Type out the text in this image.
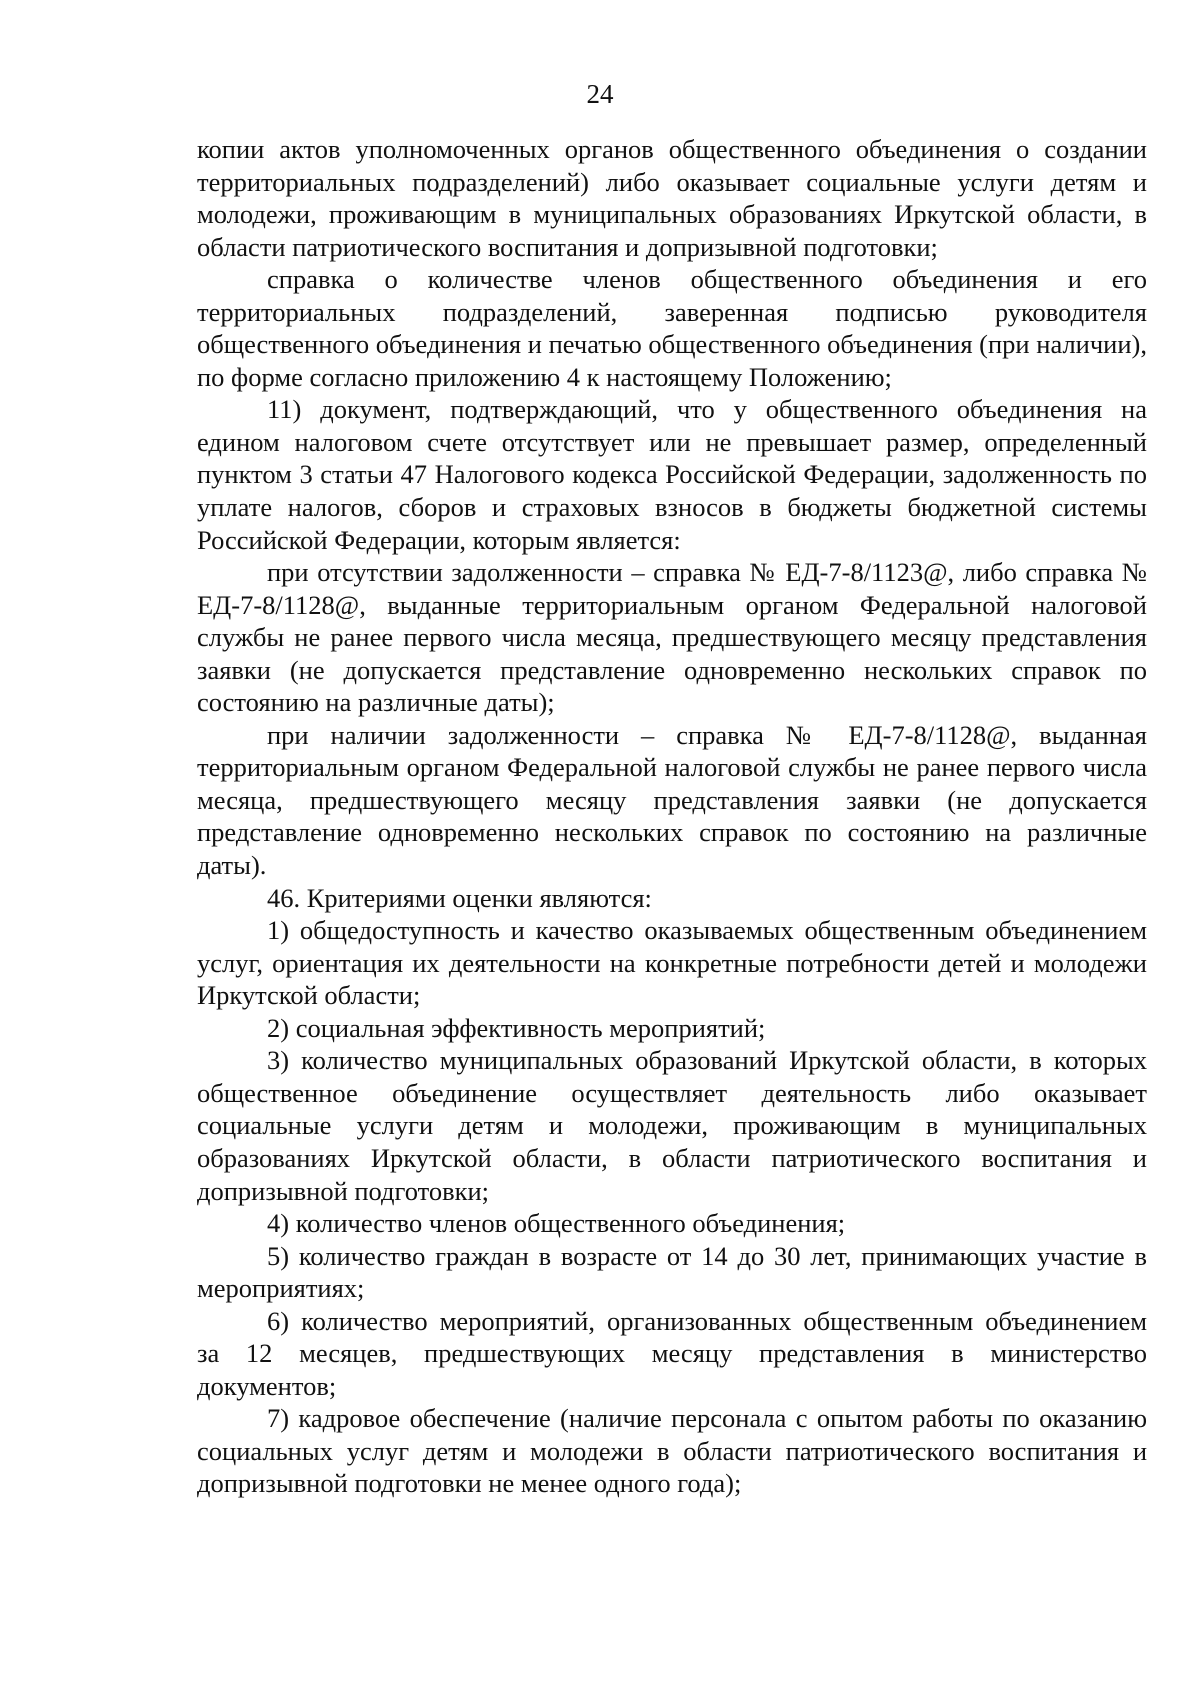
24

копии актов уполномоченных органов общественного объединения о создании территориальных подразделений) либо оказывает социальные услуги детям и молодежи, проживающим в муниципальных образованиях Иркутской области, в области патриотического воспитания и допризывной подготовки;

справка о количестве членов общественного объединения и его территориальных подразделений, заверенная подписью руководителя общественного объединения и печатью общественного объединения (при наличии), по форме согласно приложению 4 к настоящему Положению;

11) документ, подтверждающий, что у общественного объединения на едином налоговом счете отсутствует или не превышает размер, определенный пунктом 3 статьи 47 Налогового кодекса Российской Федерации, задолженность по уплате налогов, сборов и страховых взносов в бюджеты бюджетной системы Российской Федерации, которым является:

при отсутствии задолженности – справка № ЕД-7-8/1123@, либо справка № ЕД-7-8/1128@, выданные территориальным органом Федеральной налоговой службы не ранее первого числа месяца, предшествующего месяцу представления заявки (не допускается представление одновременно нескольких справок по состоянию на различные даты);

при наличии задолженности – справка № ЕД-7-8/1128@, выданная территориальным органом Федеральной налоговой службы не ранее первого числа месяца, предшествующего месяцу представления заявки (не допускается представление одновременно нескольких справок по состоянию на различные даты).

46. Критериями оценки являются:

1) общедоступность и качество оказываемых общественным объединением услуг, ориентация их деятельности на конкретные потребности детей и молодежи Иркутской области;

2) социальная эффективность мероприятий;

3) количество муниципальных образований Иркутской области, в которых общественное объединение осуществляет деятельность либо оказывает социальные услуги детям и молодежи, проживающим в муниципальных образованиях Иркутской области, в области патриотического воспитания и допризывной подготовки;

4) количество членов общественного объединения;

5) количество граждан в возрасте от 14 до 30 лет, принимающих участие в мероприятиях;

6) количество мероприятий, организованных общественным объединением за 12 месяцев, предшествующих месяцу представления в министерство документов;

7) кадровое обеспечение (наличие персонала с опытом работы по оказанию социальных услуг детям и молодежи в области патриотического воспитания и допризывной подготовки не менее одного года);
